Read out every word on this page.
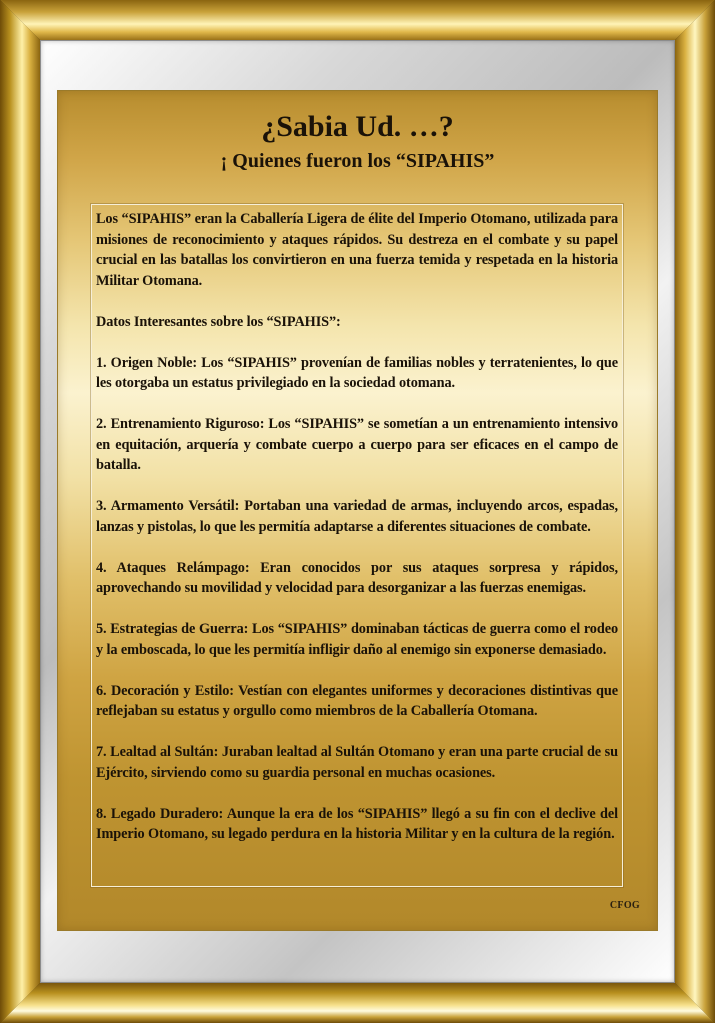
¿Sabia Ud. …?
¡ Quienes fueron los “SIPAHIS”

Los “SIPAHIS” eran la Caballería Ligera de élite del Imperio Otomano, utilizada para misiones de reconocimiento y ataques rápidos. Su destreza en el combate y su papel crucial en las batallas los convirtieron en una fuerza temida y respetada en la historia Militar Otomana.

Datos Interesantes sobre los “SIPAHIS”:

1. Origen Noble: Los “SIPAHIS” provenían de familias nobles y terratenientes, lo que les otorgaba un estatus privilegiado en la sociedad otomana.

2. Entrenamiento Riguroso: Los “SIPAHIS” se sometían a un entrenamiento intensivo en equitación, arquería y combate cuerpo a cuerpo para ser eficaces en el campo de batalla.

3. Armamento Versátil: Portaban una variedad de armas, incluyendo arcos, espadas, lanzas y pistolas, lo que les permitía adaptarse a diferentes situaciones de combate.

4. Ataques Relámpago: Eran conocidos por sus ataques sorpresa y rápidos, aprovechando su movilidad y velocidad para desorganizar a las fuerzas enemigas.

5. Estrategias de Guerra: Los “SIPAHIS” dominaban tácticas de guerra como el rodeo y la emboscada, lo que les permitía infligir daño al enemigo sin exponerse demasiado.

6. Decoración y Estilo: Vestían con elegantes uniformes y decoraciones distintivas que reflejaban su estatus y orgullo como miembros de la Caballería Otomana.

7. Lealtad al Sultán: Juraban lealtad al Sultán Otomano y eran una parte crucial de su Ejército, sirviendo como su guardia personal en muchas ocasiones.

8. Legado Duradero: Aunque la era de los “SIPAHIS” llegó a su fin con el declive del Imperio Otomano, su legado perdura en la historia Militar y en la cultura de la región.

CFOG
